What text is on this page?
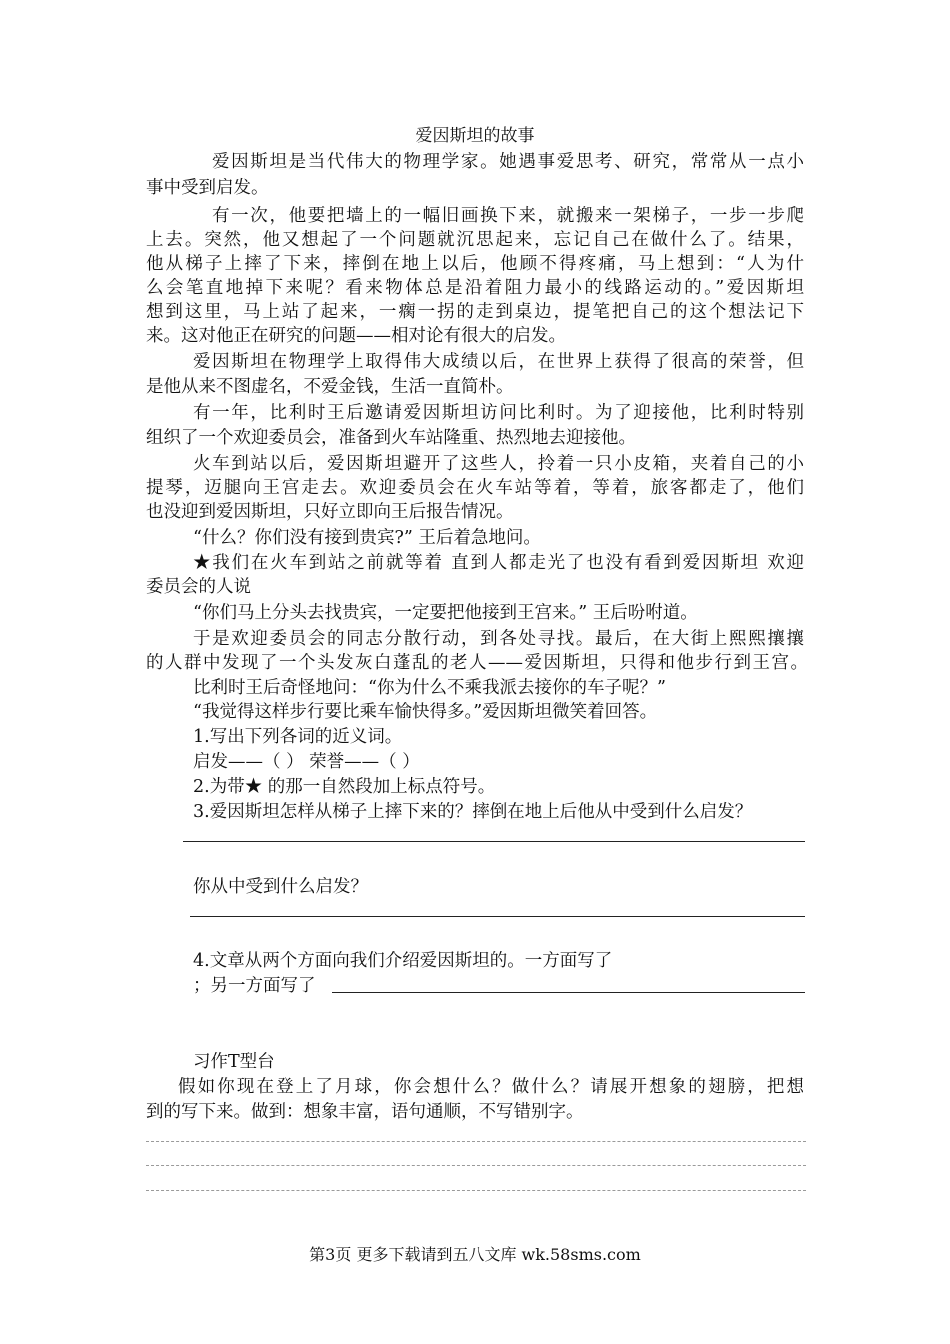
爱因斯坦的故事
爱因斯坦是当代伟大的物理学家。她遇事爱思考、研究，常常从一点小
事中受到启发。
有一次，他要把墙上的一幅旧画换下来，就搬来一架梯子，一步一步爬
上去。突然，他又想起了一个问题就沉思起来，忘记自己在做什么了。结果，
他从梯子上摔了下来，摔倒在地上以后，他顾不得疼痛，马上想到：“人为什
么会笔直地掉下来呢？看来物体总是沿着阻力最小的线路运动的。”爱因斯坦
想到这里，马上站了起来，一瘸一拐的走到桌边，提笔把自己的这个想法记下
来。这对他正在研究的问题——相对论有很大的启发。
爱因斯坦在物理学上取得伟大成绩以后，在世界上获得了很高的荣誉，但
是他从来不图虚名，不爱金钱，生活一直简朴。
有一年，比利时王后邀请爱因斯坦访问比利时。为了迎接他，比利时特别
组织了一个欢迎委员会，准备到火车站隆重、热烈地去迎接他。
火车到站以后，爱因斯坦避开了这些人，拎着一只小皮箱，夹着自己的小
提琴，迈腿向王宫走去。欢迎委员会在火车站等着，等着，旅客都走了，他们
也没迎到爱因斯坦，只好立即向王后报告情况。
“什么？你们没有接到贵宾?” 王后着急地问。
★我们在火车到站之前就等着 直到人都走光了也没有看到爱因斯坦 欢迎
委员会的人说
“你们马上分头去找贵宾，一定要把他接到王宫来。” 王后吩咐道。
于是欢迎委员会的同志分散行动，到各处寻找。最后，在大街上熙熙攘攘
的人群中发现了一个头发灰白蓬乱的老人——爱因斯坦，只得和他步行到王宫。
比利时王后奇怪地问：“你为什么不乘我派去接你的车子呢？”
“我觉得这样步行要比乘车愉快得多。”爱因斯坦微笑着回答。
1.写出下列各词的近义词。
启发——（ ） 荣誉——（ ）
2.为带★ 的那一自然段加上标点符号。
3.爱因斯坦怎样从梯子上摔下来的？摔倒在地上后他从中受到什么启发？
你从中受到什么启发？
4.文章从两个方面向我们介绍爱因斯坦的。一方面写了
；另一方面写了
习作T型台
假如你现在登上了月球，你会想什么？做什么？请展开想象的翅膀，把想
到的写下来。做到：想象丰富，语句通顺，不写错别字。
第3页 更多下载请到五八文库 wk.58sms.com
